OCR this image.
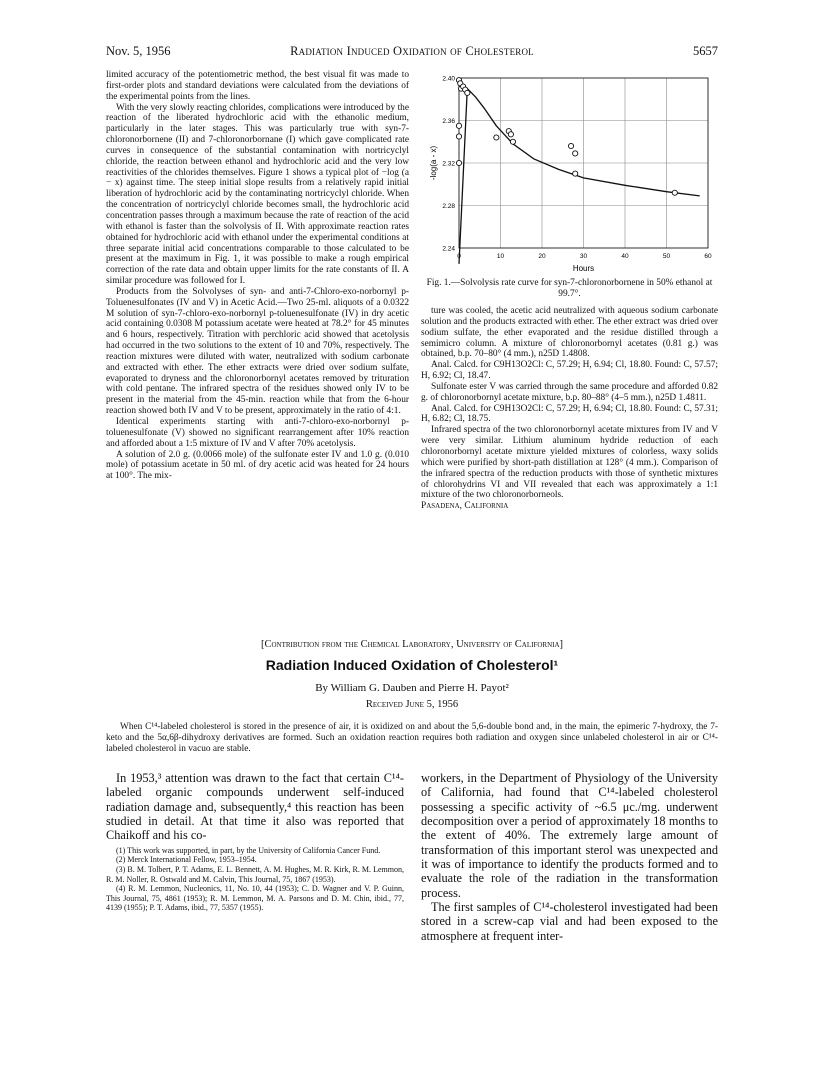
Nov. 5, 1956	Radiation Induced Oxidation of Cholesterol	5657

limited accuracy of the potentiometric method, the best visual fit was made to first-order plots and standard deviations were calculated from the deviations of the experimental points from the lines.

With the very slowly reacting chlorides, complications were introduced by the reaction of the liberated hydrochloric acid with the ethanolic medium, particularly in the later stages. This was particularly true with syn-7-chloronorbornene (II) and 7-chloronorbornane (I) which gave complicated rate curves in consequence of the substantial contamination with nortricyclyl chloride, the reaction between ethanol and hydrochloric acid and the very low reactivities of the chlorides themselves. Figure 1 shows a typical plot of −log (a − x) against time. The steep initial slope results from a relatively rapid initial liberation of hydrochloric acid by the contaminating nortricyclyl chloride. When the concentration of nortricyclyl chloride becomes small, the hydrochloric acid concentration passes through a maximum because the rate of reaction of the acid with ethanol is faster than the solvolysis of II. With approximate reaction rates obtained for hydrochloric acid with ethanol under the experimental conditions at three separate initial acid concentrations comparable to those calculated to be present at the maximum in Fig. 1, it was possible to make a rough empirical correction of the rate data and obtain upper limits for the rate constants of II. A similar procedure was followed for I.

Products from the Solvolyses of syn- and anti-7-Chloro-exo-norbornyl p-Toluenesulfonates (IV and V) in Acetic Acid.—Two 25-ml. aliquots of a 0.0322 M solution of syn-7-chloro-exo-norbornyl p-toluenesulfonate (IV) in dry acetic acid containing 0.0308 M potassium acetate were heated at 78.2° for 45 minutes and 6 hours, respectively. Titration with perchloric acid showed that acetolysis had occurred in the two solutions to the extent of 10 and 70%, respectively. The reaction mixtures were diluted with water, neutralized with sodium carbonate and extracted with ether. The ether extracts were dried over sodium sulfate, evaporated to dryness and the chloronorbornyl acetates removed by trituration with cold pentane. The infrared spectra of the residues showed only IV to be present in the material from the 45-min. reaction while that from the 6-hour reaction showed both IV and V to be present, approximately in the ratio of 4:1.

Identical experiments starting with anti-7-chloro-exo-norbornyl p-toluenesulfonate (V) showed no significant rearrangement after 10% reaction and afforded about a 1:5 mixture of IV and V after 70% acetolysis.

A solution of 2.0 g. (0.0066 mole) of the sulfonate ester IV and 1.0 g. (0.010 mole) of potassium acetate in 50 ml. of dry acetic acid was heated for 24 hours at 100°. The mix-

0	10	20	30	40	50	60
2.24
2.28
2.32
2.36
2.40
Hours
-log(a - x)
Fig. 1.—Solvolysis rate curve for syn-7-chloronorbornene in 50% ethanol at 99.7°.

ture was cooled, the acetic acid neutralized with aqueous sodium carbonate solution and the products extracted with ether. The ether extract was dried over sodium sulfate, the ether evaporated and the residue distilled through a semimicro column. A mixture of chloronorbornyl acetates (0.81 g.) was obtained, b.p. 70–80° (4 mm.), n25D 1.4808.

Anal. Calcd. for C9H13O2Cl: C, 57.29; H, 6.94; Cl, 18.80. Found: C, 57.57; H, 6.92; Cl, 18.47.

Sulfonate ester V was carried through the same procedure and afforded 0.82 g. of chloronorbornyl acetate mixture, b.p. 80–88° (4–5 mm.), n25D 1.4811.

Anal. Calcd. for C9H13O2Cl: C, 57.29; H, 6.94; Cl, 18.80. Found: C, 57.31; H, 6.82; Cl, 18.75.

Infrared spectra of the two chloronorbornyl acetate mixtures from IV and V were very similar. Lithium aluminum hydride reduction of each chloronorbornyl acetate mixture yielded mixtures of colorless, waxy solids which were purified by short-path distillation at 128° (4 mm.). Comparison of the infrared spectra of the reduction products with those of synthetic mixtures of chlorohydrins VI and VII revealed that each was approximately a 1:1 mixture of the two chloronorborneols.

Pasadena, California

[Contribution from the Chemical Laboratory, University of California]
Radiation Induced Oxidation of Cholesterol¹
By William G. Dauben and Pierre H. Payot²
Received June 5, 1956
When C¹⁴-labeled cholesterol is stored in the presence of air, it is oxidized on and about the 5,6-double bond and, in the main, the epimeric 7-hydroxy, the 7-keto and the 5α,6β-dihydroxy derivatives are formed. Such an oxidation reaction requires both radiation and oxygen since unlabeled cholesterol in air or C¹⁴-labeled cholesterol in vacuo are stable.

In 1953,³ attention was drawn to the fact that certain C¹⁴-labeled organic compounds underwent self-induced radiation damage and, subsequently,⁴ this reaction has been studied in detail. At that time it also was reported that Chaikoff and his co-

(1) This work was supported, in part, by the University of California Cancer Fund.

(2) Merck International Fellow, 1953–1954.

(3) B. M. Tolbert, P. T. Adams, E. L. Bennett, A. M. Hughes, M. R. Kirk, R. M. Lemmon, R. M. Noller, R. Ostwald and M. Calvin, This Journal, 75, 1867 (1953).

(4) R. M. Lemmon, Nucleonics, 11, No. 10, 44 (1953); C. D. Wagner and V. P. Guinn, This Journal, 75, 4861 (1953); R. M. Lemmon, M. A. Parsons and D. M. Chin, ibid., 77, 4139 (1955); P. T. Adams, ibid., 77, 5357 (1955).

workers, in the Department of Physiology of the University of California, had found that C¹⁴-labeled cholesterol possessing a specific activity of ~6.5 μc./mg. underwent decomposition over a period of approximately 18 months to the extent of 40%. The extremely large amount of transformation of this important sterol was unexpected and it was of importance to identify the products formed and to evaluate the role of the radiation in the transformation process.

The first samples of C¹⁴-cholesterol investigated had been stored in a screw-cap vial and had been exposed to the atmosphere at frequent inter-
